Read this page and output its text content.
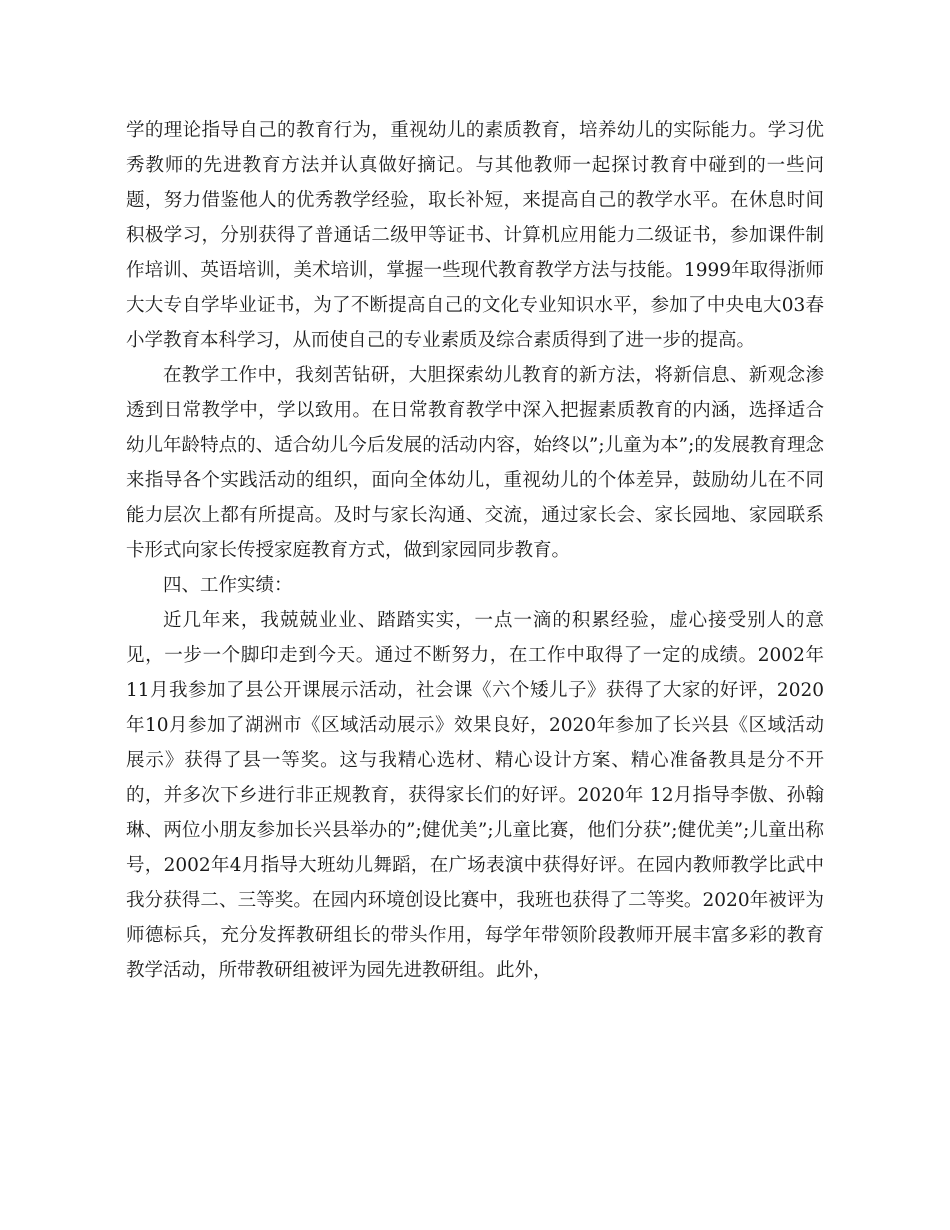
学的理论指导自己的教育行为，重视幼儿的素质教育，培养幼儿的实际能力。学习优秀教师的先进教育方法并认真做好摘记。与其他教师一起探讨教育中碰到的一些问题，努力借鉴他人的优秀教学经验，取长补短，来提高自己的教学水平。在休息时间积极学习，分别获得了普通话二级甲等证书、计算机应用能力二级证书，参加课件制作培训、英语培训，美术培训，掌握一些现代教育教学方法与技能。1999年取得浙师大大专自学毕业证书，为了不断提高自己的文化专业知识水平，参加了中央电大03春小学教育本科学习，从而使自己的专业素质及综合素质得到了进一步的提高。

在教学工作中，我刻苦钻研，大胆探索幼儿教育的新方法，将新信息、新观念渗透到日常教学中，学以致用。在日常教育教学中深入把握素质教育的内涵，选择适合幼儿年龄特点的、适合幼儿今后发展的活动内容，始终以”;儿童为本”;的发展教育理念来指导各个实践活动的组织，面向全体幼儿，重视幼儿的个体差异，鼓励幼儿在不同能力层次上都有所提高。及时与家长沟通、交流，通过家长会、家长园地、家园联系卡形式向家长传授家庭教育方式，做到家园同步教育。

四、工作实绩：

近几年来，我兢兢业业、踏踏实实，一点一滴的积累经验，虚心接受别人的意见，一步一个脚印走到今天。通过不断努力，在工作中取得了一定的成绩。2002年 11月我参加了县公开课展示活动，社会课《六个矮儿子》获得了大家的好评，2020年10月参加了湖洲市《区域活动展示》效果良好，2020年参加了长兴县《区域活动展示》获得了县一等奖。这与我精心选材、精心设计方案、精心准备教具是分不开的，并多次下乡进行非正规教育，获得家长们的好评。2020年 12月指导李傲、孙翰琳、两位小朋友参加长兴县举办的”;健优美”;儿童比赛，他们分获”;健优美”;儿童出称号，2002年4月指导大班幼儿舞蹈，在广场表演中获得好评。在园内教师教学比武中我分获得二、三等奖。在园内环境创设比赛中，我班也获得了二等奖。2020年被评为师德标兵，充分发挥教研组长的带头作用，每学年带领阶段教师开展丰富多彩的教育教学活动，所带教研组被评为园先进教研组。此外，
